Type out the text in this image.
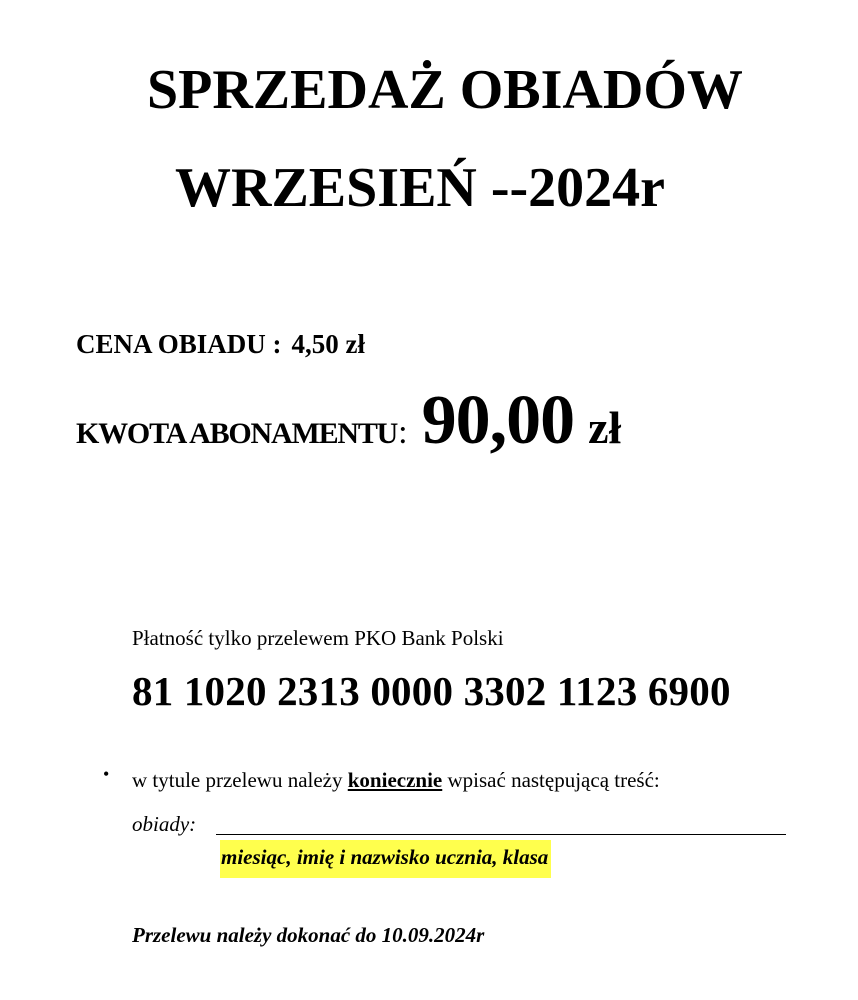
SPRZEDAŻ OBIADÓW
WRZESIEŃ --2024r
CENA OBIADU : 4,50 zł
KWOTA ABONAMENTU: 90,00 zł
Płatność tylko przelewem PKO Bank Polski
81 1020 2313 0000 3302 1123 6900
• w tytule przelewu należy koniecznie wpisać następującą treść:
obiady:
miesiąc, imię i nazwisko ucznia, klasa
Przelewu należy dokonać do 10.09.2024r
